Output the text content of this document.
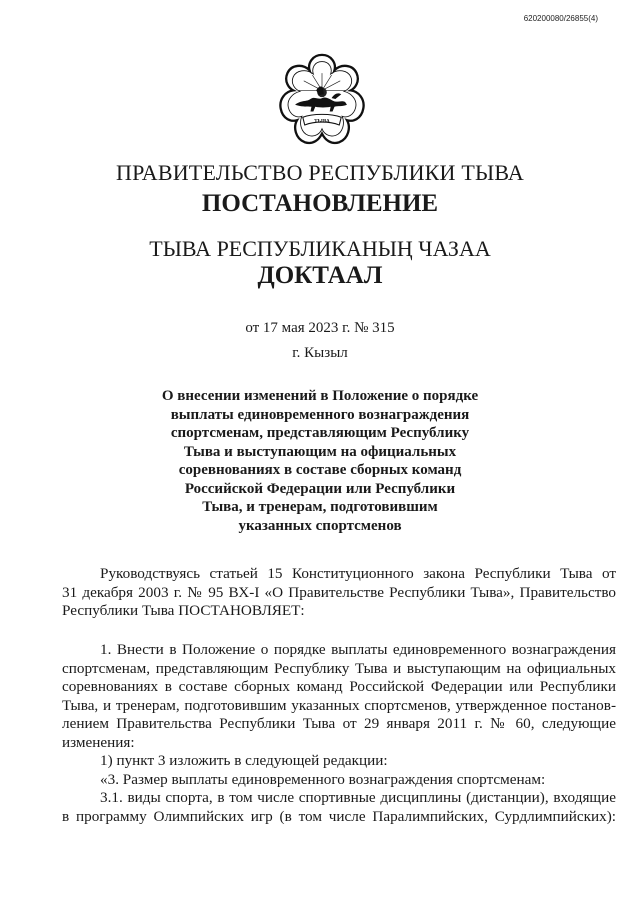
620200080/26855(4)
ТЫВА
ПРАВИТЕЛЬСТВО РЕСПУБЛИКИ ТЫВА
ПОСТАНОВЛЕНИЕ
ТЫВА РЕСПУБЛИКАНЫҢ ЧАЗАА
ДОКТААЛ
от 17 мая 2023 г. № 315
г. Кызыл
О внесении изменений в Положение о порядке
выплаты единовременного вознаграждения
спортсменам, представляющим Республику
Тыва и выступающим на официальных
соревнованиях в составе сборных команд
Российской Федерации или Республики
Тыва, и тренерам, подготовившим
указанных спортсменов
Руководствуясь статьей 15 Конституционного закона Республики Тыва от
31 декабря 2003 г. № 95 ВХ-I «О Правительстве Республики Тыва», Правительство
Республики Тыва ПОСТАНОВЛЯЕТ:
1. Внести в Положение о порядке выплаты единовременного вознаграждения
спортсменам, представляющим Республику Тыва и выступающим на официальных
соревнованиях в составе сборных команд Российской Федерации или Республики
Тыва, и тренерам, подготовившим указанных спортсменов, утвержденное постанов-
лением Правительства Республики Тыва от 29 января 2011 г. № 60, следующие
изменения:
1) пункт 3 изложить в следующей редакции:
«3. Размер выплаты единовременного вознаграждения спортсменам:
3.1. виды спорта, в том числе спортивные дисциплины (дистанции), входящие
в программу Олимпийских игр (в том числе Паралимпийских, Сурдлимпийских):
